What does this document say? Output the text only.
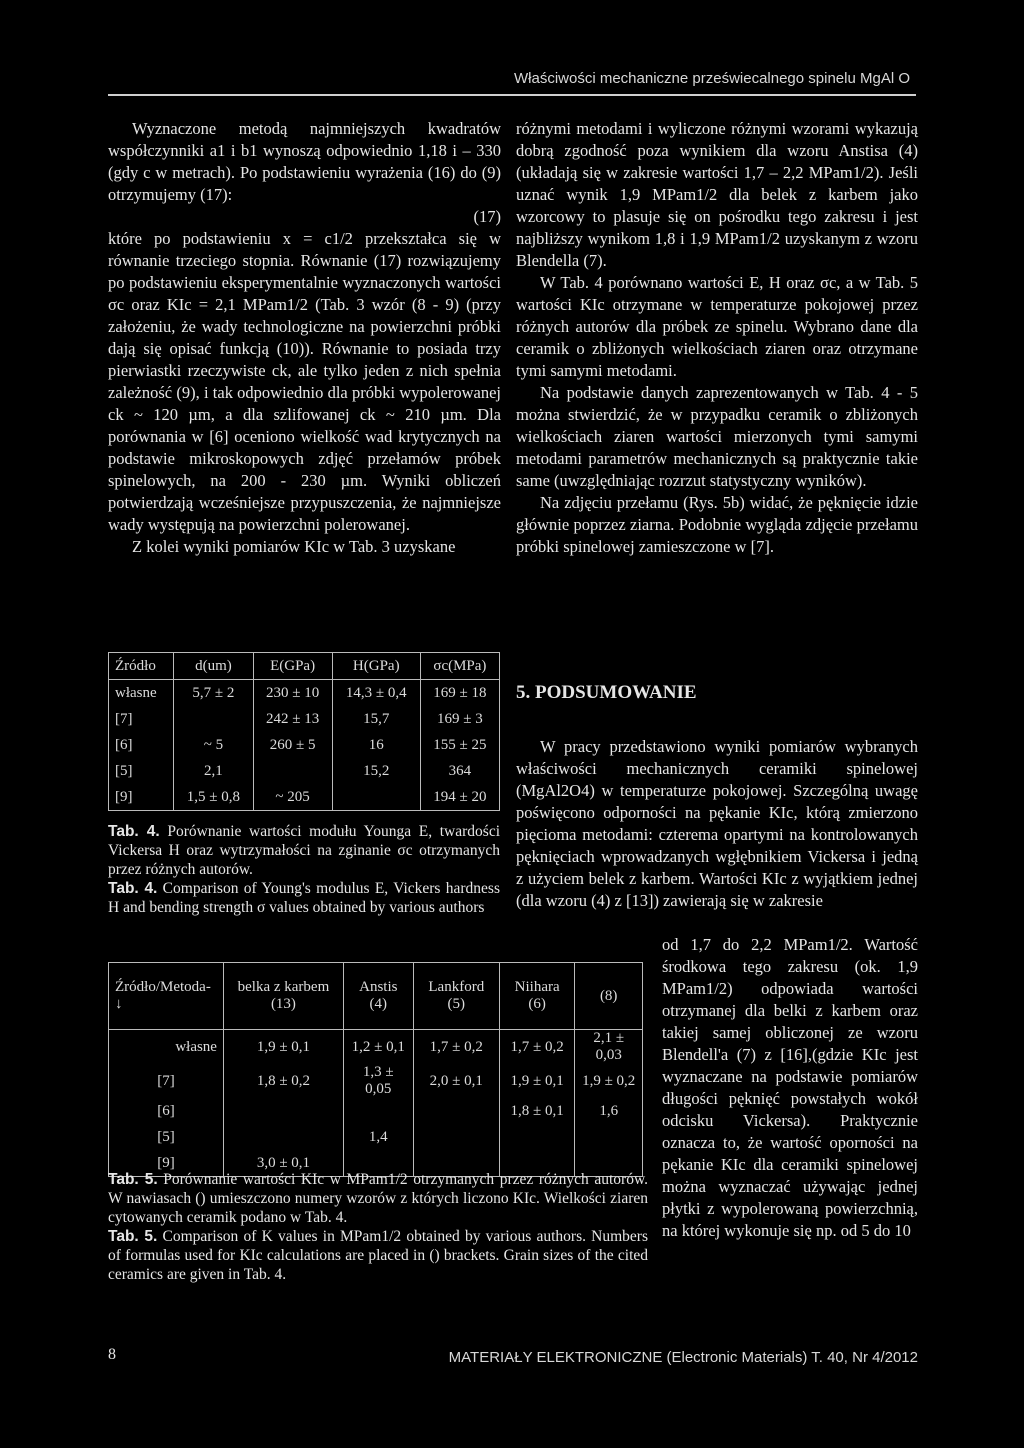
Właściwości mechaniczne przeświecalnego spinelu MgAl O

Wyznaczone metodą najmniejszych kwadratów współczynniki a1 i b1 wynoszą odpowiednio 1,18 i – 330 (gdy c w metrach). Po podstawieniu wyrażenia (16) do (9) otrzymujemy (17):

(17)

które po podstawieniu x = c1/2 przekształca się w równanie trzeciego stopnia. Równanie (17) rozwiązujemy po podstawieniu eksperymentalnie wyznaczonych wartości σc oraz KIc = 2,1 MPam1/2 (Tab. 3 wzór (8 - 9) (przy założeniu, że wady technologiczne na powierzchni próbki dają się opisać funkcją (10)). Równanie to posiada trzy pierwiastki rzeczywiste ck, ale tylko jeden z nich spełnia zależność (9), i tak odpowiednio dla próbki wypolerowanej ck ~ 120 µm, a dla szlifowanej ck ~ 210 µm. Dla porównania w [6] oceniono wielkość wad krytycznych na podstawie mikroskopowych zdjęć przełamów próbek spinelowych, na 200 - 230 µm. Wyniki obliczeń potwierdzają wcześniejsze przypuszczenia, że najmniejsze wady występują na powierzchni polerowanej.

Z kolei wyniki pomiarów KIc w Tab. 3 uzyskane

różnymi metodami i wyliczone różnymi wzorami wykazują dobrą zgodność poza wynikiem dla wzoru Anstisa (4) (układają się w zakresie wartości 1,7 – 2,2 MPam1/2). Jeśli uznać wynik 1,9 MPam1/2 dla belek z karbem jako wzorcowy to plasuje się on pośrodku tego zakresu i jest najbliższy wynikom 1,8 i 1,9 MPam1/2 uzyskanym z wzoru Blendella (7).

W Tab. 4 porównano wartości E, H oraz σc, a w Tab. 5 wartości KIc otrzymane w temperaturze pokojowej przez różnych autorów dla próbek ze spinelu. Wybrano dane dla ceramik o zbliżonych wielkościach ziaren oraz otrzymane tymi samymi metodami.

Na podstawie danych zaprezentowanych w Tab. 4 - 5 można stwierdzić, że w przypadku ceramik o zbliżonych wielkościach ziaren wartości mierzonych tymi samymi metodami parametrów mechanicznych są praktycznie takie same (uwzględniając rozrzut statystyczny wyników).

Na zdjęciu przełamu (Rys. 5b) widać, że pęknięcie idzie głównie poprzez ziarna. Podobnie wygląda zdjęcie przełamu próbki spinelowej zamieszczone w [7].

5. PODSUMOWANIE

W pracy przedstawiono wyniki pomiarów wybranych właściwości mechanicznych ceramiki spinelowej (MgAl2O4) w temperaturze pokojowej. Szczególną uwagę poświęcono odporności na pękanie KIc, którą zmierzono pięcioma metodami: czterema opartymi na kontrolowanych pęknięciach wprowadzanych wgłębnikiem Vickersa i jedną z użyciem belek z karbem. Wartości KIc z wyjątkiem jednej (dla wzoru (4) z [13]) zawierają się w zakresie

od 1,7 do 2,2 MPam1/2. Wartość środkowa tego zakresu (ok. 1,9 MPam1/2) odpowiada wartości otrzymanej dla belki z karbem oraz takiej samej obliczonej ze wzoru Blendell'a (7) z [16],(gdzie KIc jest wyznaczane na podstawie pomiarów długości pęknięć powstałych wokół odcisku Vickersa). Praktycznie oznacza to, że wartość oporności na pękanie KIc dla ceramiki spinelowej można wyznaczać używając jednej płytki z wypolerowaną powierzchnią, na której wykonuje się np. od 5 do 10

Źródło	d(um)	E(GPa)	H(GPa)	σc(MPa)
własne	5,7 ± 2	230 ± 10	14,3 ± 0,4	169 ± 18
[7]		242 ± 13	15,7	169 ± 3
[6]	~ 5	260 ± 5	16	155 ± 25
[5]	2,1		15,2	364
[9]	1,5 ± 0,8	~ 205		194 ± 20
Tab. 4. Porównanie wartości modułu Younga E, twardości Vickersa H oraz wytrzymałości na zginanie σc otrzymanych przez różnych autorów.
Tab. 4. Comparison of Young's modulus E, Vickers hardness H and bending strength σ values obtained by various authors
Źródło/Metoda-↓	belka z karbem (13)	Anstis (4)	Lankford (5)	Niihara (6)	(8)
własne	1,9 ± 0,1	1,2 ± 0,1	1,7 ± 0,2	1,7 ± 0,2	2,1 ± 0,03
[7]	1,8 ± 0,2	1,3 ± 0,05	2,0 ± 0,1	1,9 ± 0,1	1,9 ± 0,2
[6]				1,8 ± 0,1	1,6
[5]		1,4			
[9]	3,0 ± 0,1				
Tab. 5. Porównanie wartości KIc w MPam1/2 otrzymanych przez różnych autorów. W nawiasach () umieszczono numery wzorów z których liczono KIc. Wielkości ziaren cytowanych ceramik podano w Tab. 4.
Tab. 5. Comparison of K values in MPam1/2 obtained by various authors. Numbers of formulas used for KIc calculations are placed in () brackets. Grain sizes of the cited ceramics are given in Tab. 4.
8	MATERIAŁY ELEKTRONICZNE (Electronic Materials) T. 40, Nr 4/2012
